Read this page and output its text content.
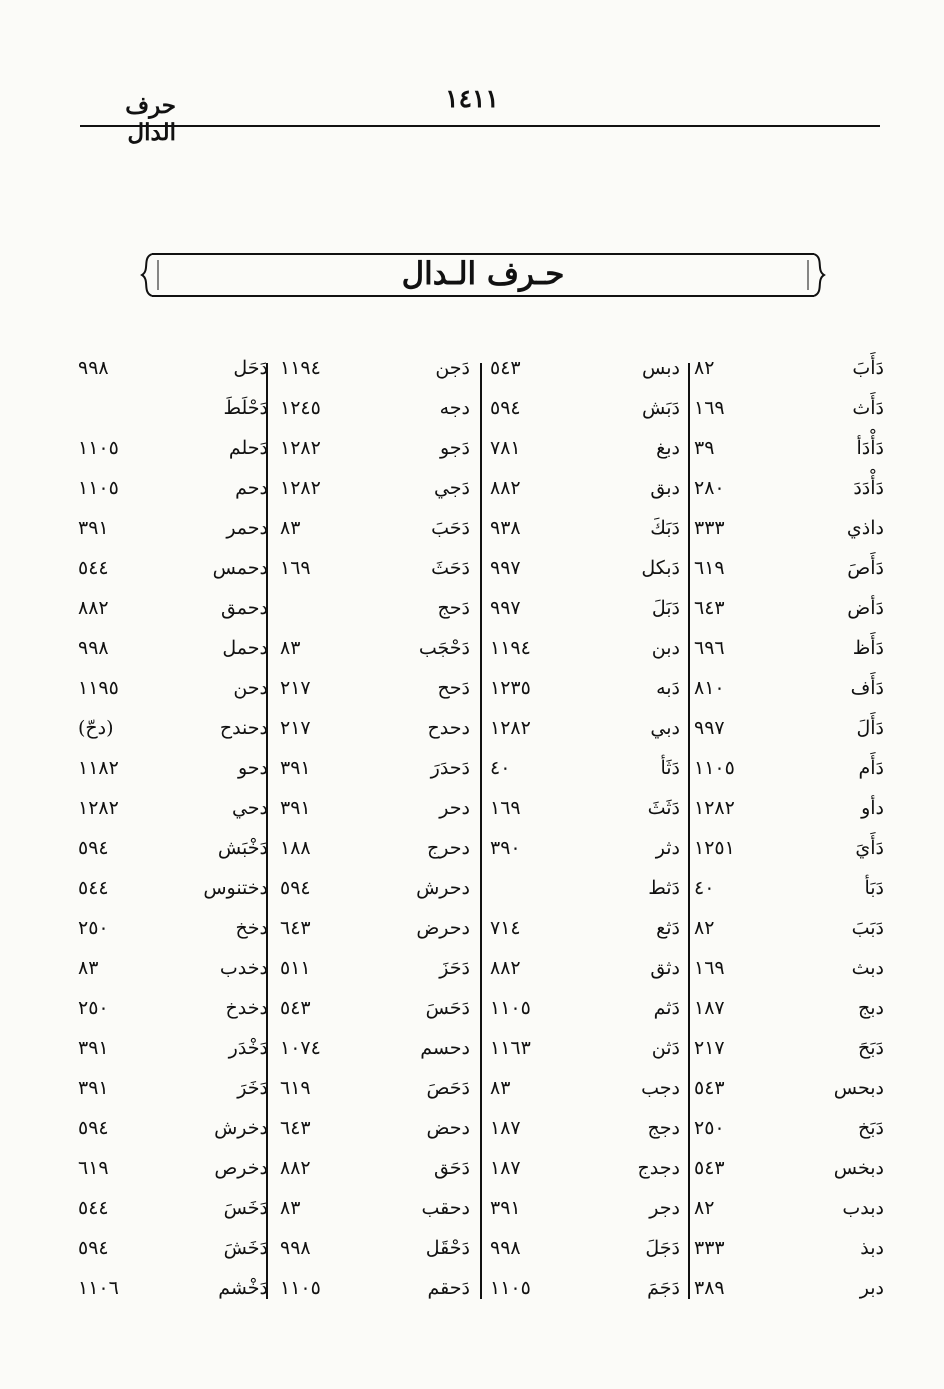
١٤١١
حرف الدال
حـرف الـدال
دَأَبَ
٨٢
دَأَث
١٦٩
دَأْدَأ
٣٩
دَأْدَدَ
٢٨٠
داذي
٣٣٣
دَأَصَ
٦١٩
دَأض
٦٤٣
دَأَظ
٦٩٦
دَأَف
٨١٠
دَأَلَ
٩٩٧
دَأَم
١١٠٥
دأو
١٢٨٢
دَأَيَ
١٢٥١
دَبَأ
٤٠
دَبَبَ
٨٢
دبث
١٦٩
دبج
١٨٧
دَبَحَ
٢١٧
دبحس
٥٤٣
دَبَخ
٢٥٠
دبخس
٥٤٣
دبدب
٨٢
دبذ
٣٣٣
دبر
٣٨٩
دبس
٥٤٣
دَبَش
٥٩٤
دبغ
٧٨١
دبق
٨٨٢
دَبَكَ
٩٣٨
دَبكل
٩٩٧
دَبَلَ
٩٩٧
دبن
١١٩٤
دَبه
١٢٣٥
دبي
١٢٨٢
دَثَأ
٤٠
دَثَثَ
١٦٩
دثر
٣٩٠
دَثط
دَثع
٧١٤
دثق
٨٨٢
دَثم
١١٠٥
دَثن
١١٦٣
دجب
٨٣
دجج
١٨٧
دجدج
١٨٧
دجر
٣٩١
دَجَلَ
٩٩٨
دَجَمَ
١١٠٥
دَجن
١١٩٤
دجه
١٢٤٥
دَجو
١٢٨٢
دَجي
١٢٨٢
دَحَبَ
٨٣
دَحَثَ
١٦٩
دَحج
دَحْجَب
٨٣
دَحح
٢١٧
دحدح
٢١٧
دَحدَرَ
٣٩١
دحر
٣٩١
دحرج
١٨٨
دحرش
٥٩٤
دحرض
٦٤٣
دَحَزَ
٥١١
دَحَسَ
٥٤٣
دحسم
١٠٧٤
دَحَصَ
٦١٩
دحض
٦٤٣
دَحَق
٨٨٢
دحقب
٨٣
دَحْقَل
٩٩٨
دَحقم
١١٠٥
دَحَل
٩٩٨
دَحْلَطَ
دَحلم
١١٠٥
دحم
١١٠٥
دحمر
٣٩١
دحمس
٥٤٤
دحمق
٨٨٢
دحمل
٩٩٨
دحن
١١٩٥
دحندح
(دحّ)
دحو
١١٨٢
دحي
١٢٨٢
دَخْبَش
٥٩٤
دختنوس
٥٤٤
دخخ
٢٥٠
دخدب
٨٣
دخدخ
٢٥٠
دَخْدَر
٣٩١
دَخَرَ
٣٩١
دخرش
٥٩٤
دخرص
٦١٩
دَخَسَ
٥٤٤
دَخَشَ
٥٩٤
دَخْشم
١١٠٦
